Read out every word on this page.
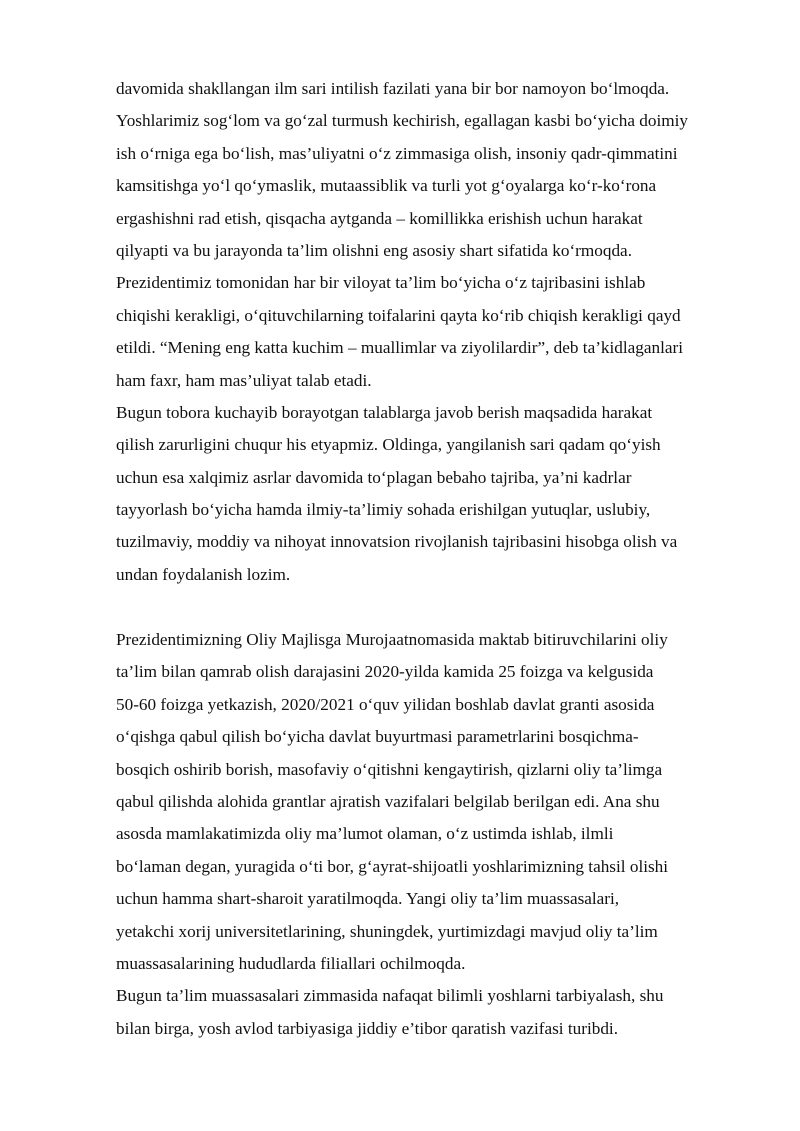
davomida shakllangan ilm sari intilish fazilati yana bir bor namoyon bo‘lmoqda.
Yoshlarimiz sog‘lom va go‘zal turmush kechirish, egallagan kasbi bo‘yicha doimiy
ish o‘rniga ega bo‘lish, mas’uliyatni o‘z zimmasiga olish, insoniy qadr-qimmatini
kamsitishga yo‘l qo‘ymaslik, mutaassiblik va turli yot g‘oyalarga ko‘r-ko‘rona
ergashishni rad etish, qisqacha aytganda – komillikka erishish uchun harakat
qilyapti va bu jarayonda ta’lim olishni eng asosiy shart sifatida ko‘rmoqda.
Prezidentimiz tomonidan har bir viloyat ta’lim bo‘yicha o‘z tajribasini ishlab
chiqishi kerakligi, o‘qituvchilarning toifalarini qayta ko‘rib chiqish kerakligi qayd
etildi. “Mening eng katta kuchim – muallimlar va ziyolilardir”, deb ta’kidlaganlari
ham faxr, ham mas’uliyat talab etadi.
Bugun tobora kuchayib borayotgan talablarga javob berish maqsadida harakat
qilish zarurligini chuqur his etyapmiz. Oldinga, yangilanish sari qadam qo‘yish
uchun esa xalqimiz asrlar davomida to‘plagan bebaho tajriba, ya’ni kadrlar
tayyorlash bo‘yicha hamda ilmiy-ta’limiy sohada erishilgan yutuqlar, uslubiy,
tuzilmaviy, moddiy va nihoyat innovatsion rivojlanish tajribasini hisobga olish va
undan foydalanish lozim.
Prezidentimizning Oliy Majlisga Murojaatnomasida maktab bitiruvchilarini oliy
ta’lim bilan qamrab olish darajasini 2020-yilda kamida 25 foizga va kelgusida
50-60 foizga yetkazish, 2020/2021 o‘quv yilidan boshlab davlat granti asosida
o‘qishga qabul qilish bo‘yicha davlat buyurtmasi parametrlarini bosqichma-
bosqich oshirib borish, masofaviy o‘qitishni kengaytirish, qizlarni oliy ta’limga
qabul qilishda alohida grantlar ajratish vazifalari belgilab berilgan edi. Ana shu
asosda mamlakatimizda oliy ma’lumot olaman, o‘z ustimda ishlab, ilmli
bo‘laman degan, yuragida o‘ti bor, g‘ayrat-shijoatli yoshlarimizning tahsil olishi
uchun hamma shart-sharoit yaratilmoqda. Yangi oliy ta’lim muassasalari,
yetakchi xorij universitetlarining, shuningdek, yurtimizdagi mavjud oliy ta’lim
muassasalarining hududlarda filiallari ochilmoqda.
Bugun ta’lim muassasalari zimmasida nafaqat bilimli yoshlarni tarbiyalash, shu
bilan birga, yosh avlod tarbiyasiga jiddiy e’tibor qaratish vazifasi turibdi.
